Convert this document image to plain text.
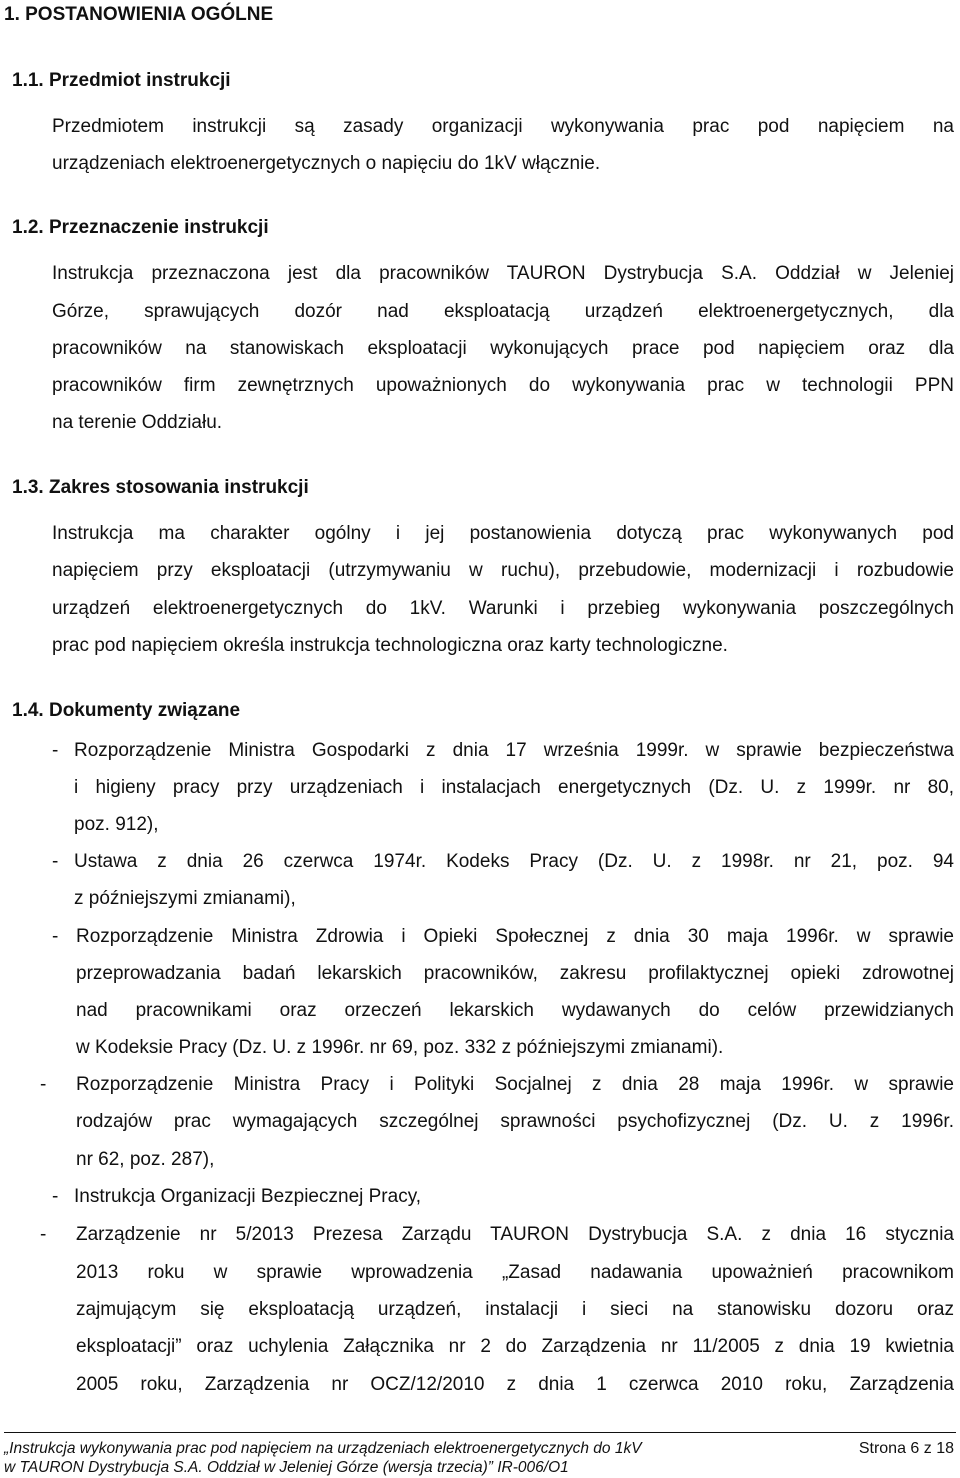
1. POSTANOWIENIA OGÓLNE
1.1. Przedmiot instrukcji
Przedmiotem instrukcji są zasady organizacji wykonywania prac pod napięciem na
urządzeniach elektroenergetycznych o napięciu do 1kV włącznie.
1.2. Przeznaczenie instrukcji
Instrukcja przeznaczona jest dla pracowników TAURON Dystrybucja S.A. Oddział w Jeleniej
Górze, sprawujących dozór nad eksploatacją urządzeń elektroenergetycznych, dla
pracowników na stanowiskach eksploatacji wykonujących prace pod napięciem oraz dla
pracowników firm zewnętrznych upoważnionych do wykonywania prac w technologii PPN
na terenie Oddziału.
1.3. Zakres stosowania instrukcji
Instrukcja ma charakter ogólny i jej postanowienia dotyczą prac wykonywanych pod
napięciem przy eksploatacji (utrzymywaniu w ruchu), przebudowie, modernizacji i rozbudowie
urządzeń elektroenergetycznych do 1kV. Warunki i przebieg wykonywania poszczególnych
prac pod napięciem określa instrukcja technologiczna oraz karty technologiczne.
1.4. Dokumenty związane
- Rozporządzenie Ministra Gospodarki z dnia 17 września 1999r. w sprawie bezpieczeństwa
i higieny pracy przy urządzeniach i instalacjach energetycznych (Dz. U. z 1999r. nr 80,
poz. 912),
- Ustawa z dnia 26 czerwca 1974r. Kodeks Pracy (Dz. U. z 1998r. nr 21, poz. 94
z późniejszymi zmianami),
- Rozporządzenie Ministra Zdrowia i Opieki Społecznej z dnia 30 maja 1996r. w sprawie
przeprowadzania badań lekarskich pracowników, zakresu profilaktycznej opieki zdrowotnej
nad pracownikami oraz orzeczeń lekarskich wydawanych do celów przewidzianych
w Kodeksie Pracy (Dz. U. z 1996r. nr 69, poz. 332 z późniejszymi zmianami).
- Rozporządzenie Ministra Pracy i Polityki Socjalnej z dnia 28 maja 1996r. w sprawie
rodzajów prac wymagających szczególnej sprawności psychofizycznej (Dz. U. z 1996r.
nr 62, poz. 287),
- Instrukcja Organizacji Bezpiecznej Pracy,
- Zarządzenie nr 5/2013 Prezesa Zarządu TAURON Dystrybucja S.A. z dnia 16 stycznia
2013 roku w sprawie wprowadzenia „Zasad nadawania upoważnień pracownikom
zajmującym się eksploatacją urządzeń, instalacji i sieci na stanowisku dozoru oraz
eksploatacji” oraz uchylenia Załącznika nr 2 do Zarządzenia nr 11/2005 z dnia 19 kwietnia
2005 roku, Zarządzenia nr OCZ/12/2010 z dnia 1 czerwca 2010 roku, Zarządzenia
„Instrukcja wykonywania prac pod napięciem na urządzeniach elektroenergetycznych do 1kV
w TAURON Dystrybucja S.A. Oddział w Jeleniej Górze (wersja trzecia)” IR-006/O1
Strona 6 z 18
